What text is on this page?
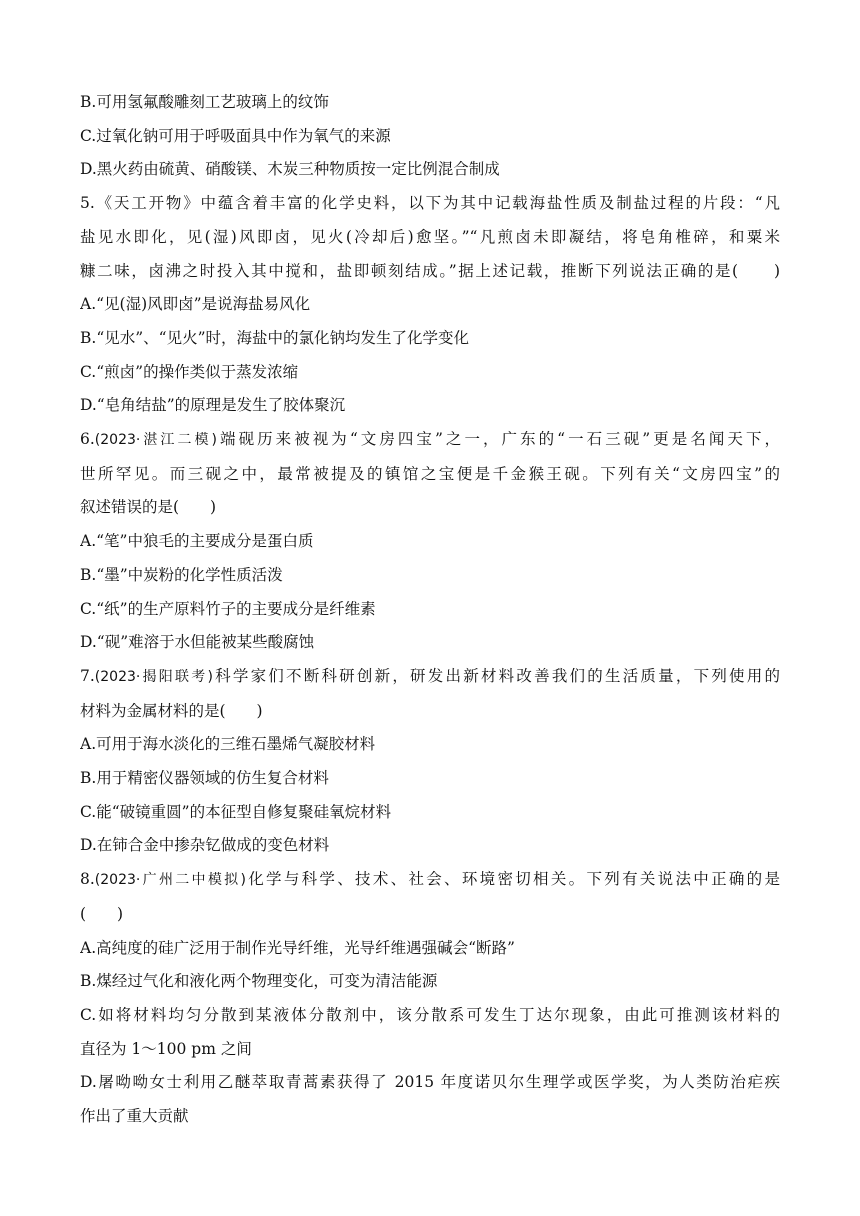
B.可用氢氟酸雕刻工艺玻璃上的纹饰
C.过氧化钠可用于呼吸面具中作为氧气的来源
D.黑火药由硫黄、硝酸镁、木炭三种物质按一定比例混合制成
5.《天工开物》中蕴含着丰富的化学史料，以下为其中记载海盐性质及制盐过程的片段：“凡
盐见水即化，见(湿)风即卤，见火(冷却后)愈坚。”“凡煎卤未即凝结，将皂角椎碎，和粟米
糠二味，卤沸之时投入其中搅和，盐即顿刻结成。”据上述记载，推断下列说法正确的是(　　)
A.“见(湿)风即卤”是说海盐易风化
B.“见水”、“见火”时，海盐中的氯化钠均发生了化学变化
C.“煎卤”的操作类似于蒸发浓缩
D.“皂角结盐”的原理是发生了胶体聚沉
6.(2023·湛江二模)端砚历来被视为“文房四宝”之一，广东的“一石三砚”更是名闻天下，
世所罕见。而三砚之中，最常被提及的镇馆之宝便是千金猴王砚。下列有关“文房四宝”的
叙述错误的是(　　)
A.“笔”中狼毛的主要成分是蛋白质
B.“墨”中炭粉的化学性质活泼
C.“纸”的生产原料竹子的主要成分是纤维素
D.“砚”难溶于水但能被某些酸腐蚀
7.(2023·揭阳联考)科学家们不断科研创新，研发出新材料改善我们的生活质量，下列使用的
材料为金属材料的是(　　)
A.可用于海水淡化的三维石墨烯气凝胶材料
B.用于精密仪器领域的仿生复合材料
C.能“破镜重圆”的本征型自修复聚硅氧烷材料
D.在铈合金中掺杂钇做成的变色材料
8.(2023·广州二中模拟)化学与科学、技术、社会、环境密切相关。下列有关说法中正确的是
(　　)
A.高纯度的硅广泛用于制作光导纤维，光导纤维遇强碱会“断路”
B.煤经过气化和液化两个物理变化，可变为清洁能源
C.如将材料均匀分散到某液体分散剂中，该分散系可发生丁达尔现象，由此可推测该材料的
直径为 1～100 pm 之间
D.屠呦呦女士利用乙醚萃取青蒿素获得了 2015 年度诺贝尔生理学或医学奖，为人类防治疟疾
作出了重大贡献
